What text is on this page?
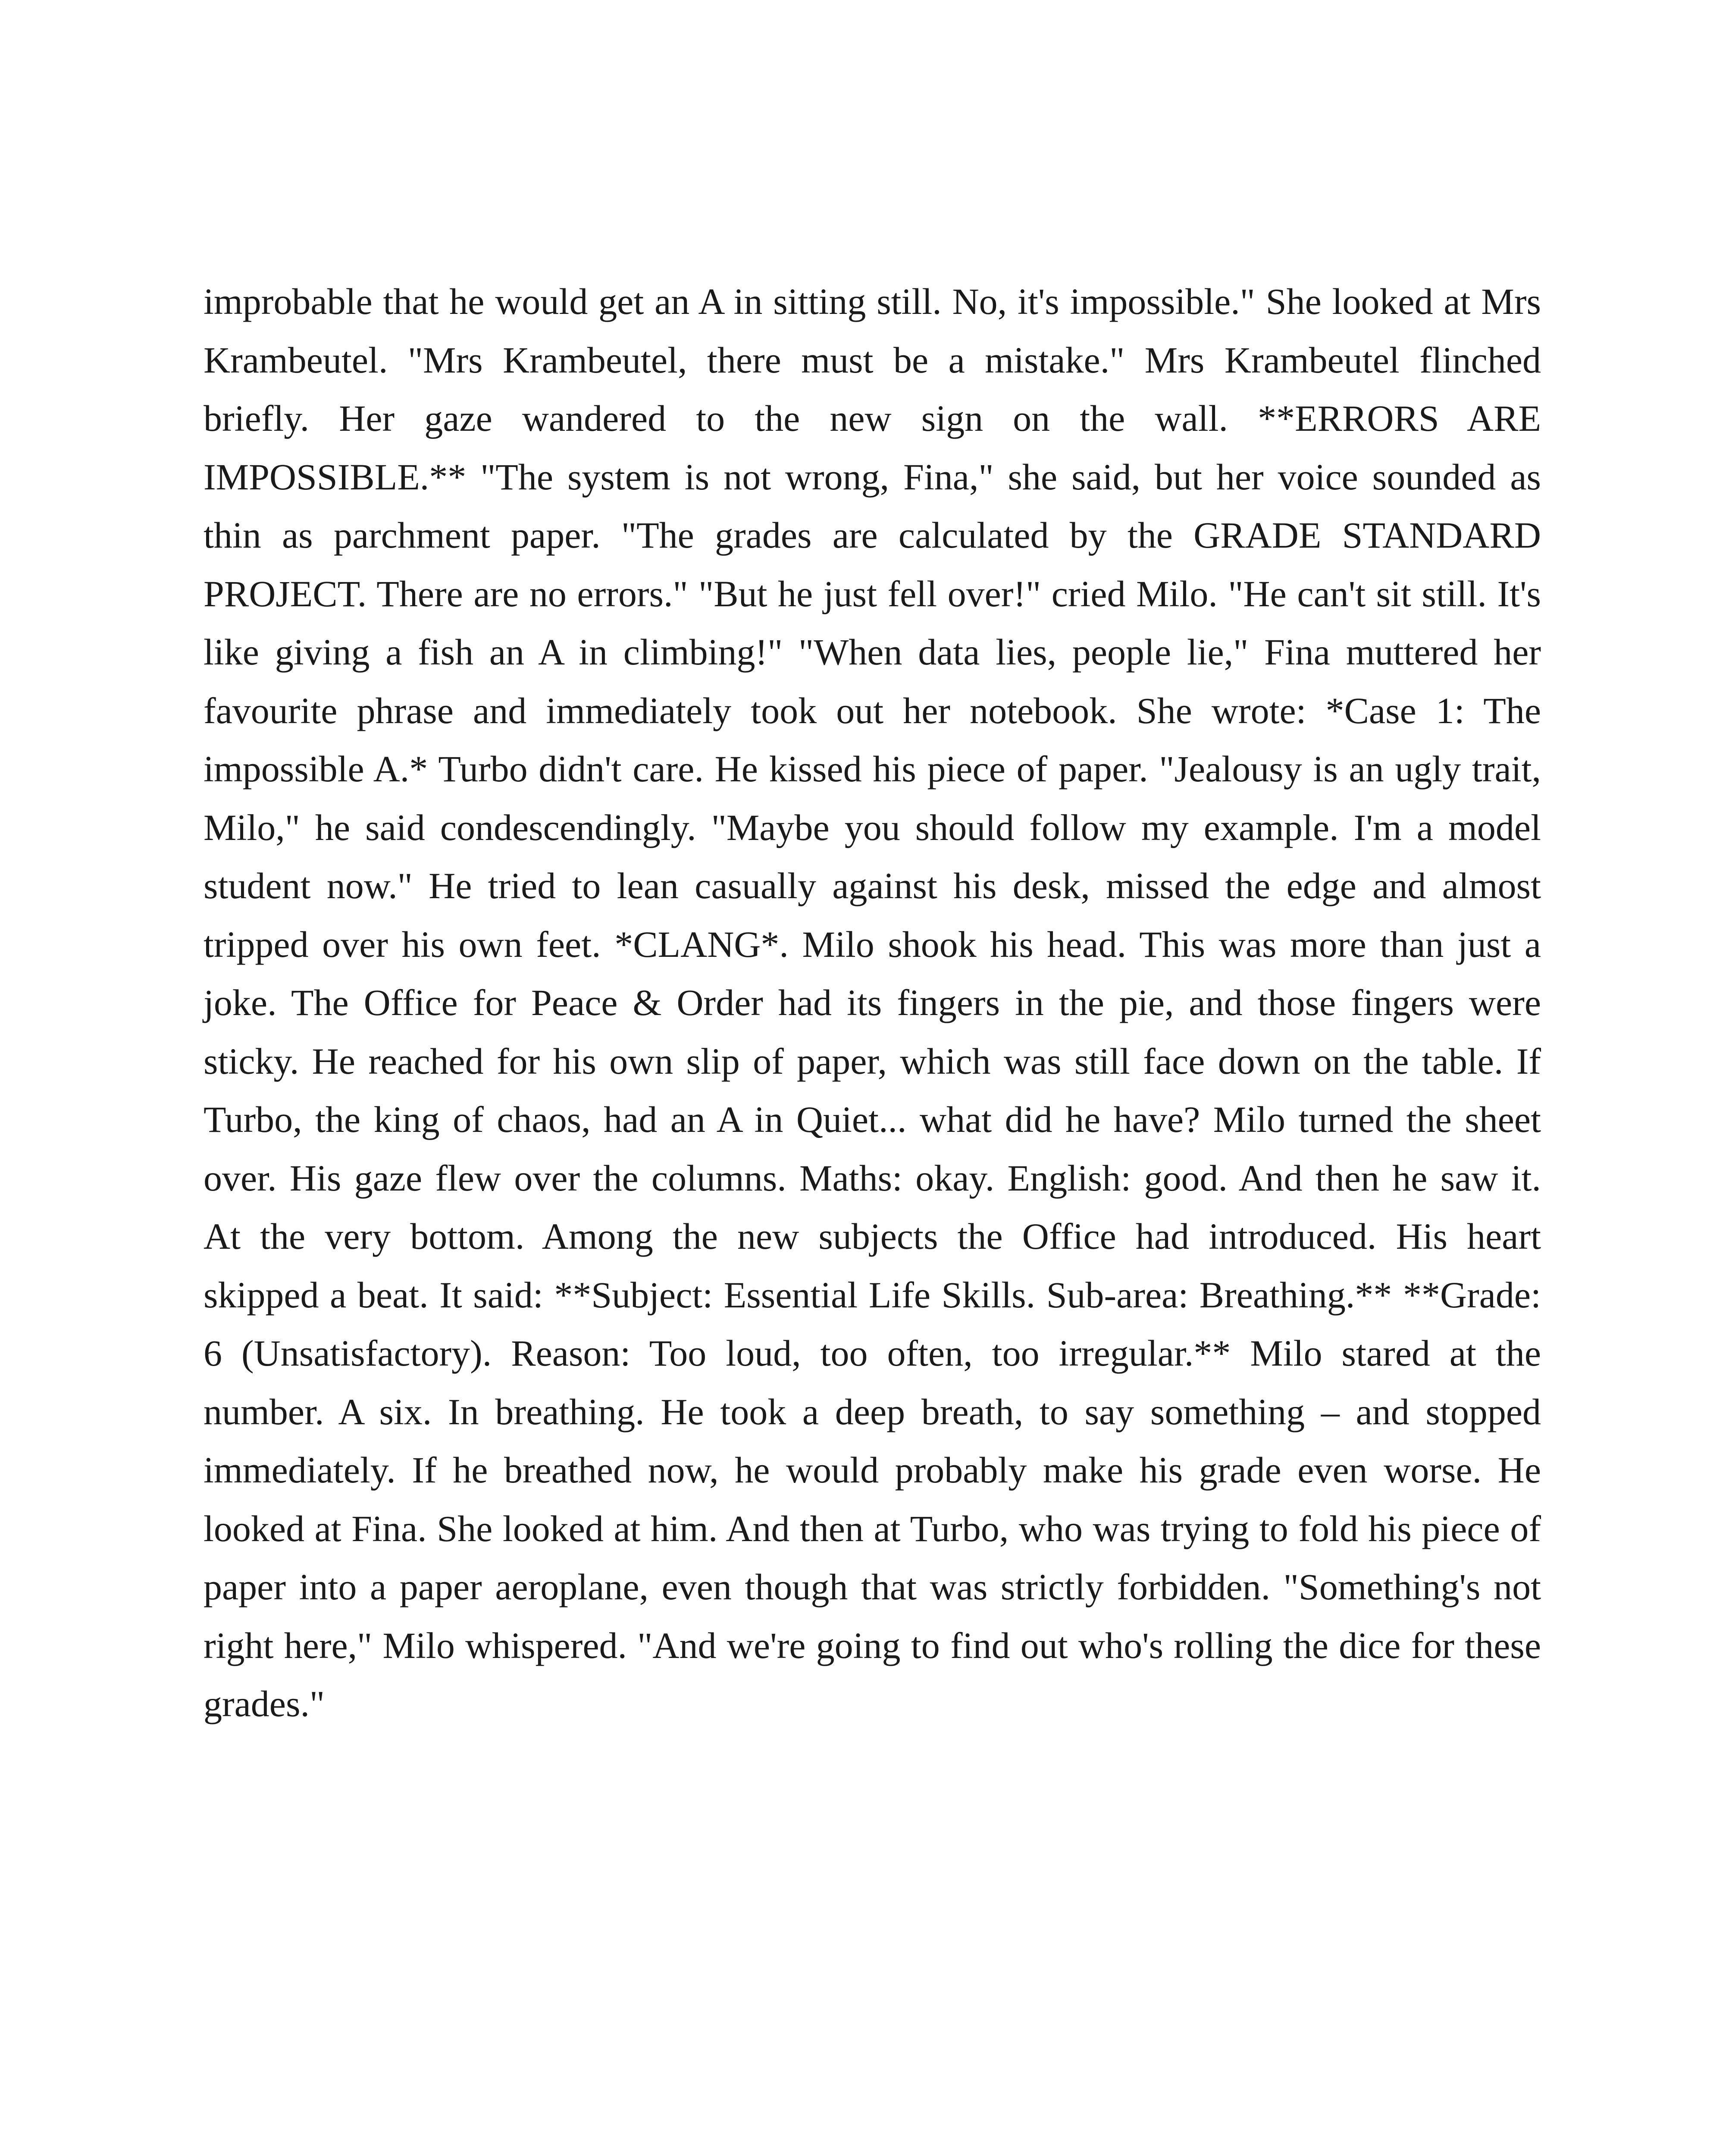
improbable that he would get an A in sitting still. No, it's impossible." She looked at Mrs Krambeutel. "Mrs Krambeutel, there must be a mistake." Mrs Krambeutel flinched briefly. Her gaze wandered to the new sign on the wall. **ERRORS ARE IMPOSSIBLE.** "The system is not wrong, Fina," she said, but her voice sounded as thin as parchment paper. "The grades are calculated by the GRADE STANDARD PROJECT. There are no errors." "But he just fell over!" cried Milo. "He can't sit still. It's like giving a fish an A in climbing!" "When data lies, people lie," Fina muttered her favourite phrase and immediately took out her notebook. She wrote: *Case 1: The impossible A.* Turbo didn't care. He kissed his piece of paper. "Jealousy is an ugly trait, Milo," he said condescendingly. "Maybe you should follow my example. I'm a model student now." He tried to lean casually against his desk, missed the edge and almost tripped over his own feet. *CLANG*. Milo shook his head. This was more than just a joke. The Office for Peace & Order had its fingers in the pie, and those fingers were sticky. He reached for his own slip of paper, which was still face down on the table. If Turbo, the king of chaos, had an A in Quiet... what did he have? Milo turned the sheet over. His gaze flew over the columns. Maths: okay. English: good. And then he saw it. At the very bottom. Among the new subjects the Office had introduced. His heart skipped a beat. It said: **Subject: Essential Life Skills. Sub-area: Breathing.** **Grade: 6 (Unsatisfactory). Reason: Too loud, too often, too irregular.** Milo stared at the number. A six. In breathing. He took a deep breath, to say something – and stopped immediately. If he breathed now, he would probably make his grade even worse. He looked at Fina. She looked at him. And then at Turbo, who was trying to fold his piece of paper into a paper aeroplane, even though that was strictly forbidden. "Something's not right here," Milo whispered. "And we're going to find out who's rolling the dice for these grades."
